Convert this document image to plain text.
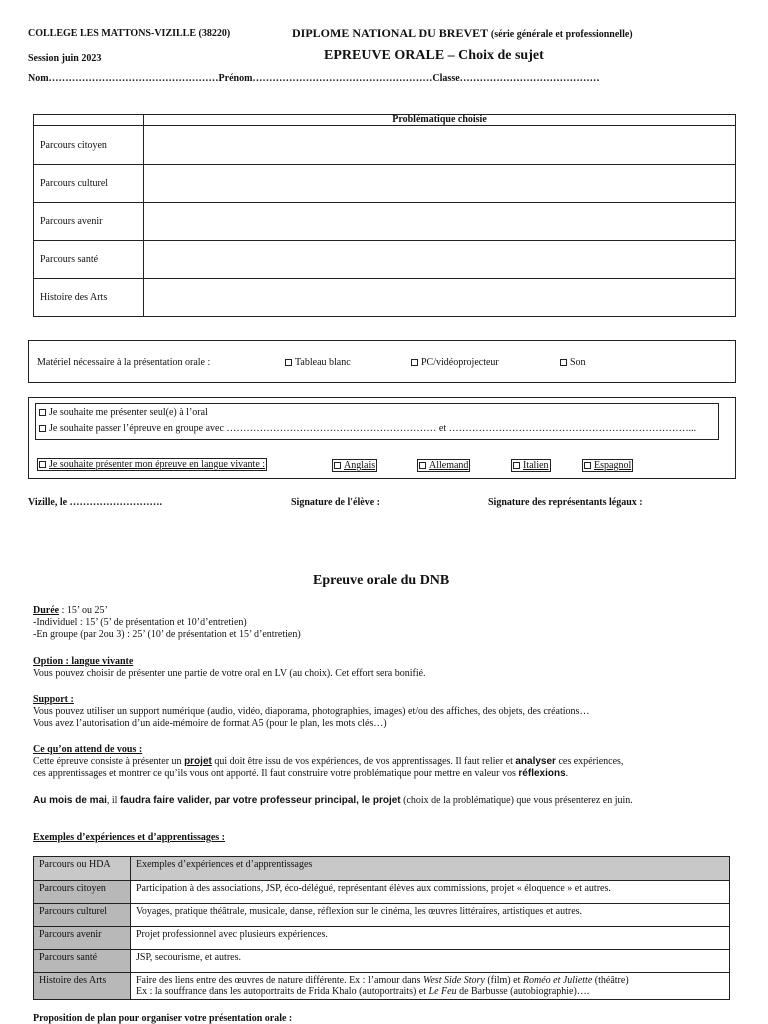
COLLEGE LES MATTONS-VIZILLE (38220)	DIPLOME NATIONAL DU BREVET (série générale et professionnelle)
Session juin 2023	EPREUVE ORALE – Choix de sujet
Nom……………………………………………Prénom………………………………………………Classe……………………………………
	Problématique choisie
Parcours citoyen	
Parcours culturel	
Parcours avenir	
Parcours santé	
Histoire des Arts	
Matériel nécessaire à la présentation orale :	Tableau blanc	PC/vidéoprojecteur	Son
Je souhaite me présenter seul(e) à l’oral
Je souhaite passer l’épreuve en groupe avec ……………………………………………………… et ………………………………………………………………...
Je souhaite présenter mon épreuve en langue vivante :	Anglais	Allemand	Italien	Espagnol
Vizille, le ……………………….	Signature de l'élève :	Signature des représentants légaux :
Epreuve orale du DNB
Durée : 15’ ou 25’
-Individuel : 15’ (5’ de présentation et 10’d’entretien)
-En groupe (par 2ou 3) : 25’ (10’ de présentation et 15’ d’entretien)
Option : langue vivante
Vous pouvez choisir de présenter une partie de votre oral en LV (au choix). Cet effort sera bonifié.
Support :
Vous pouvez utiliser un support numérique (audio, vidéo, diaporama, photographies, images) et/ou des affiches, des objets, des créations…
Vous avez l’autorisation d’un aide-mémoire de format A5 (pour le plan, les mots clés…)
Ce qu’on attend de vous :
Cette épreuve consiste à présenter un projet qui doit être issu de vos expériences, de vos apprentissages. Il faut relier et analyser ces expériences,
ces apprentissages et montrer ce qu’ils vous ont apporté. Il faut construire votre problématique pour mettre en valeur vos réflexions.
Au mois de mai, il faudra faire valider, par votre professeur principal, le projet (choix de la problématique) que vous présenterez en juin.
Exemples d’expériences et d’apprentissages :
Parcours ou HDA	Exemples d’expériences et d’apprentissages
Parcours citoyen	Participation à des associations, JSP, éco-délégué, représentant élèves aux commissions, projet « éloquence » et autres.
Parcours culturel	Voyages, pratique théâtrale, musicale, danse, réflexion sur le cinéma, les œuvres littéraires, artistiques et autres.
Parcours avenir	Projet professionnel avec plusieurs expériences.
Parcours santé	JSP, secourisme, et autres.
Histoire des Arts	Faire des liens entre des œuvres de nature différente. Ex : l’amour dans West Side Story (film) et Roméo et Juliette (théâtre)
Ex : la souffrance dans les autoportraits de Frida Khalo (autoportraits) et Le Feu de Barbusse (autobiographie)….
Proposition de plan pour organiser votre présentation orale :
